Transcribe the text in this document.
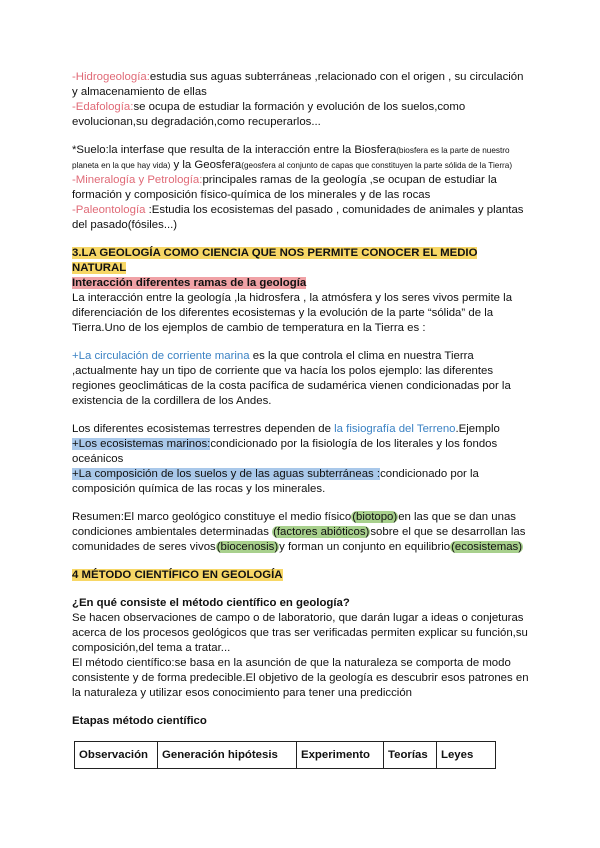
-Hidrogeología:estudia sus aguas subterráneas ,relacionado con el origen , su circulación y almacenamiento de ellas

-Edafología:se ocupa de estudiar la formación y evolución de los suelos,como evolucionan,su degradación,como recuperarlos...

*Suelo:la interfase que resulta de la interacción entre la Biosfera(biosfera es la parte de nuestro planeta en la que hay vida) y la Geosfera(geosfera al conjunto de capas que constituyen la parte sólida de la Tierra)

-Mineralogía y Petrología:principales ramas de la geología ,se ocupan de estudiar la formación y composición físico-química de los minerales y de las rocas

-Paleontología :Estudia los ecosistemas del pasado , comunidades de animales y plantas del pasado(fósiles...)

3.LA GEOLOGÍA COMO CIENCIA QUE NOS PERMITE CONOCER EL MEDIO NATURAL

Interacción diferentes ramas de la geología

La interacción entre la geología ,la hidrosfera , la atmósfera y los seres vivos permite la diferenciación de los diferentes ecosistemas y la evolución de la parte “sólida” de la Tierra.Uno de los ejemplos de cambio de temperatura en la Tierra es :

+La circulación de corriente marina es la que controla el clima en nuestra Tierra ,actualmente hay un tipo de corriente que va hacía los polos ejemplo: las diferentes regiones geoclimáticas de la costa pacífica de sudamérica vienen condicionadas por la existencia de la cordillera de los Andes.

Los diferentes ecosistemas terrestres dependen de la fisiografía del Terreno.Ejemplo

+Los ecosistemas marinos:condicionado por la fisiología de los literales y los fondos oceánicos

+La composición de los suelos y de las aguas subterráneas :condicionado por la composición química de las rocas y los minerales.

Resumen:El marco geológico constituye el medio físico(biotopo)en las que se dan unas condiciones ambientales determinadas (factores abióticos)sobre el que se desarrollan las comunidades de seres vivos(biocenosis)y forman un conjunto en equilibrio(ecosistemas)

4 MÉTODO CIENTÍFICO EN GEOLOGÍA

¿En qué consiste el método científico en geología?

Se hacen observaciones de campo o de laboratorio, que darán lugar a ideas o conjeturas acerca de los procesos geológicos que tras ser verificadas permiten explicar su función,su composición,del tema a tratar...

El método científico:se basa en la asunción de que la naturaleza se comporta de modo consistente y de forma predecible.El objetivo de la geología es descubrir esos patrones en la naturaleza y utilizar esos conocimiento para tener una predicción

Etapas método científico

Observación	Generación hipótesis	Experimento	Teorías	Leyes
